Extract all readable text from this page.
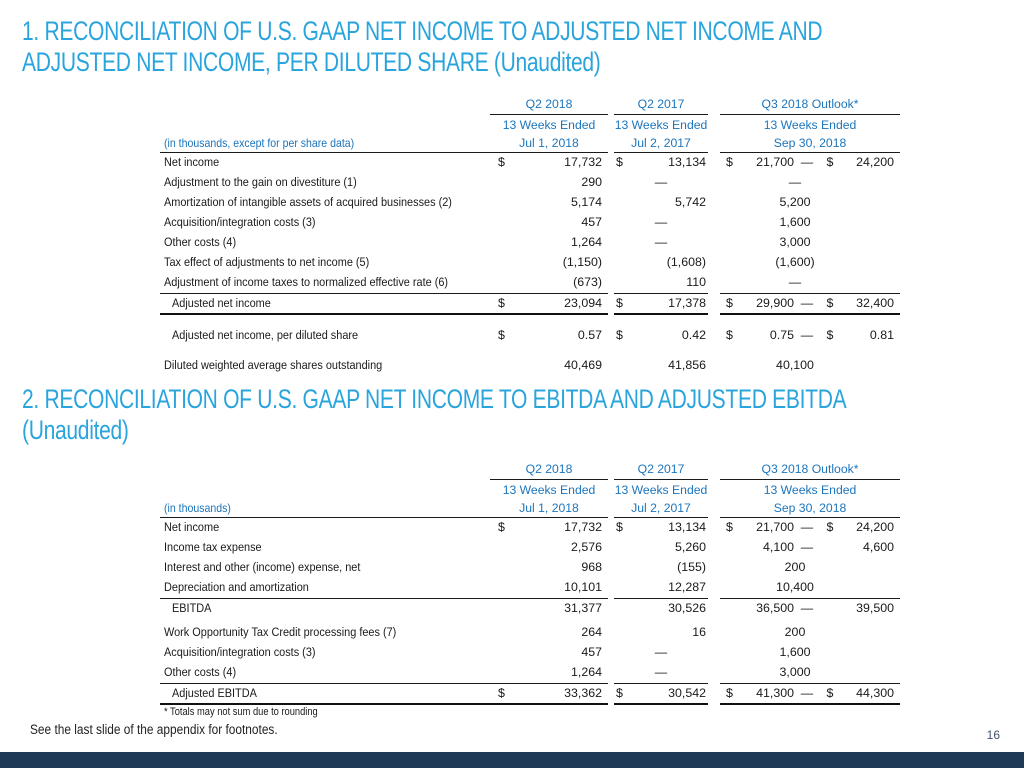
1. RECONCILIATION OF U.S. GAAP NET INCOME TO ADJUSTED NET INCOME AND
ADJUSTED NET INCOME, PER DILUTED SHARE (Unaudited)
Q2 2018	Q2 2017	Q3 2018 Outlook*
13 Weeks Ended	13 Weeks Ended	13 Weeks Ended
(in thousands, except for per share data)	Jul 1, 2018	Jul 2, 2017	Sep 30, 2018
Net income	$	17,732 $	13,134 $	21,700 —	$	24,200
Adjustment to the gain on divestiture (1)	290	—	—
Amortization of intangible assets of acquired businesses (2)	5,174	5,742	5,200
Acquisition/integration costs (3)	457	—	1,600
Other costs (4)	1,264	—	3,000
Tax effect of adjustments to net income (5)	(1,150)	(1,608)	(1,600)
Adjustment of income taxes to normalized effective rate (6)	(673)	110	—
Adjusted net income	$	23,094 $	17,378 $	29,900 —	$	32,400
Adjusted net income, per diluted share	$	0.57 $	0.42 $	0.75 —	$	0.81
Diluted weighted average shares outstanding	40,469	41,856	40,100
2. RECONCILIATION OF U.S. GAAP NET INCOME TO EBITDA AND ADJUSTED EBITDA
(Unaudited)
Q2 2018	Q2 2017	Q3 2018 Outlook*
13 Weeks Ended	13 Weeks Ended	13 Weeks Ended
(in thousands)	Jul 1, 2018	Jul 2, 2017	Sep 30, 2018
Net income	$	17,732 $	13,134 $	21,700 —	$	24,200
Income tax expense	2,576	5,260	4,100 —	4,600
Interest and other (income) expense, net	968	(155)	200
Depreciation and amortization	10,101	12,287	10,400
EBITDA	31,377	30,526	36,500 —	39,500
Work Opportunity Tax Credit processing fees (7)	264	16	200
Acquisition/integration costs (3)	457	—	1,600
Other costs (4)	1,264	—	3,000
Adjusted EBITDA	$	33,362 $	30,542 $	41,300 —	$	44,300
* Totals may not sum due to rounding
See the last slide of the appendix for footnotes.	16
